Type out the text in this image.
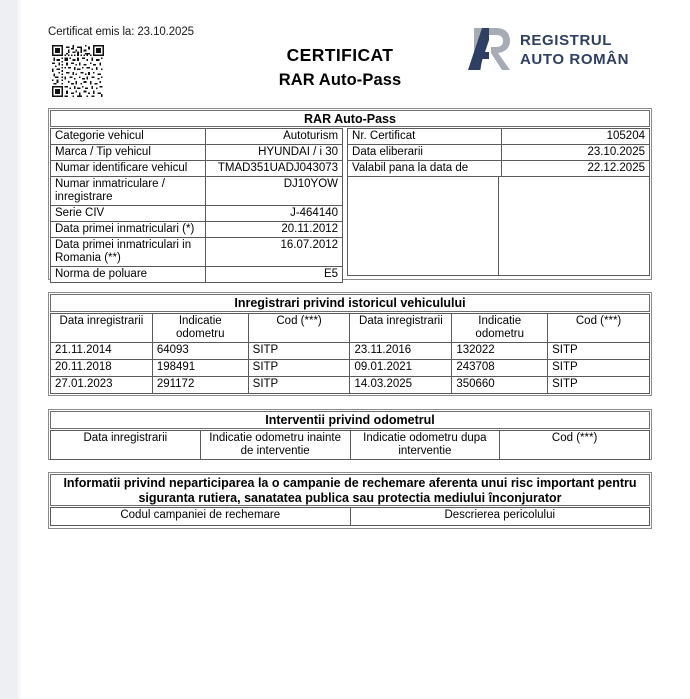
Certificat emis la: 23.10.2025
CERTIFICAT
RAR Auto-Pass
REGISTRUL
AUTO ROMÂN
RAR Auto-Pass
Categorie vehicul	Autoturism
Marca / Tip vehicul	HYUNDAI / i 30
Numar identificare vehicul	TMAD351UADJ043073
Numar inmatriculare / inregistrare	DJ10YOW
Serie CIV	J-464140
Data primei inmatriculari (*)	20.11.2012
Data primei inmatriculari in Romania (**)	16.07.2012
Norma de poluare	E5
Nr. Certificat	105204
Data eliberarii	23.10.2025
Valabil pana la data de	22.12.2025
Inregistrari privind istoricul vehiculului
Data inregistrarii	Indicatie odometru	Cod (***)	Data inregistrarii	Indicatie odometru	Cod (***)
21.11.2014	64093	SITP	23.11.2016	132022	SITP
20.11.2018	198491	SITP	09.01.2021	243708	SITP
27.01.2023	291172	SITP	14.03.2025	350660	SITP
Interventii privind odometrul
Data inregistrarii	Indicatie odometru inainte de interventie	Indicatie odometru dupa interventie	Cod (***)
Informatii privind neparticiparea la o campanie de rechemare aferenta unui risc important pentru siguranta rutiera, sanatatea publica sau protectia mediului înconjurator
Codul campaniei de rechemare	Descrierea pericolului
